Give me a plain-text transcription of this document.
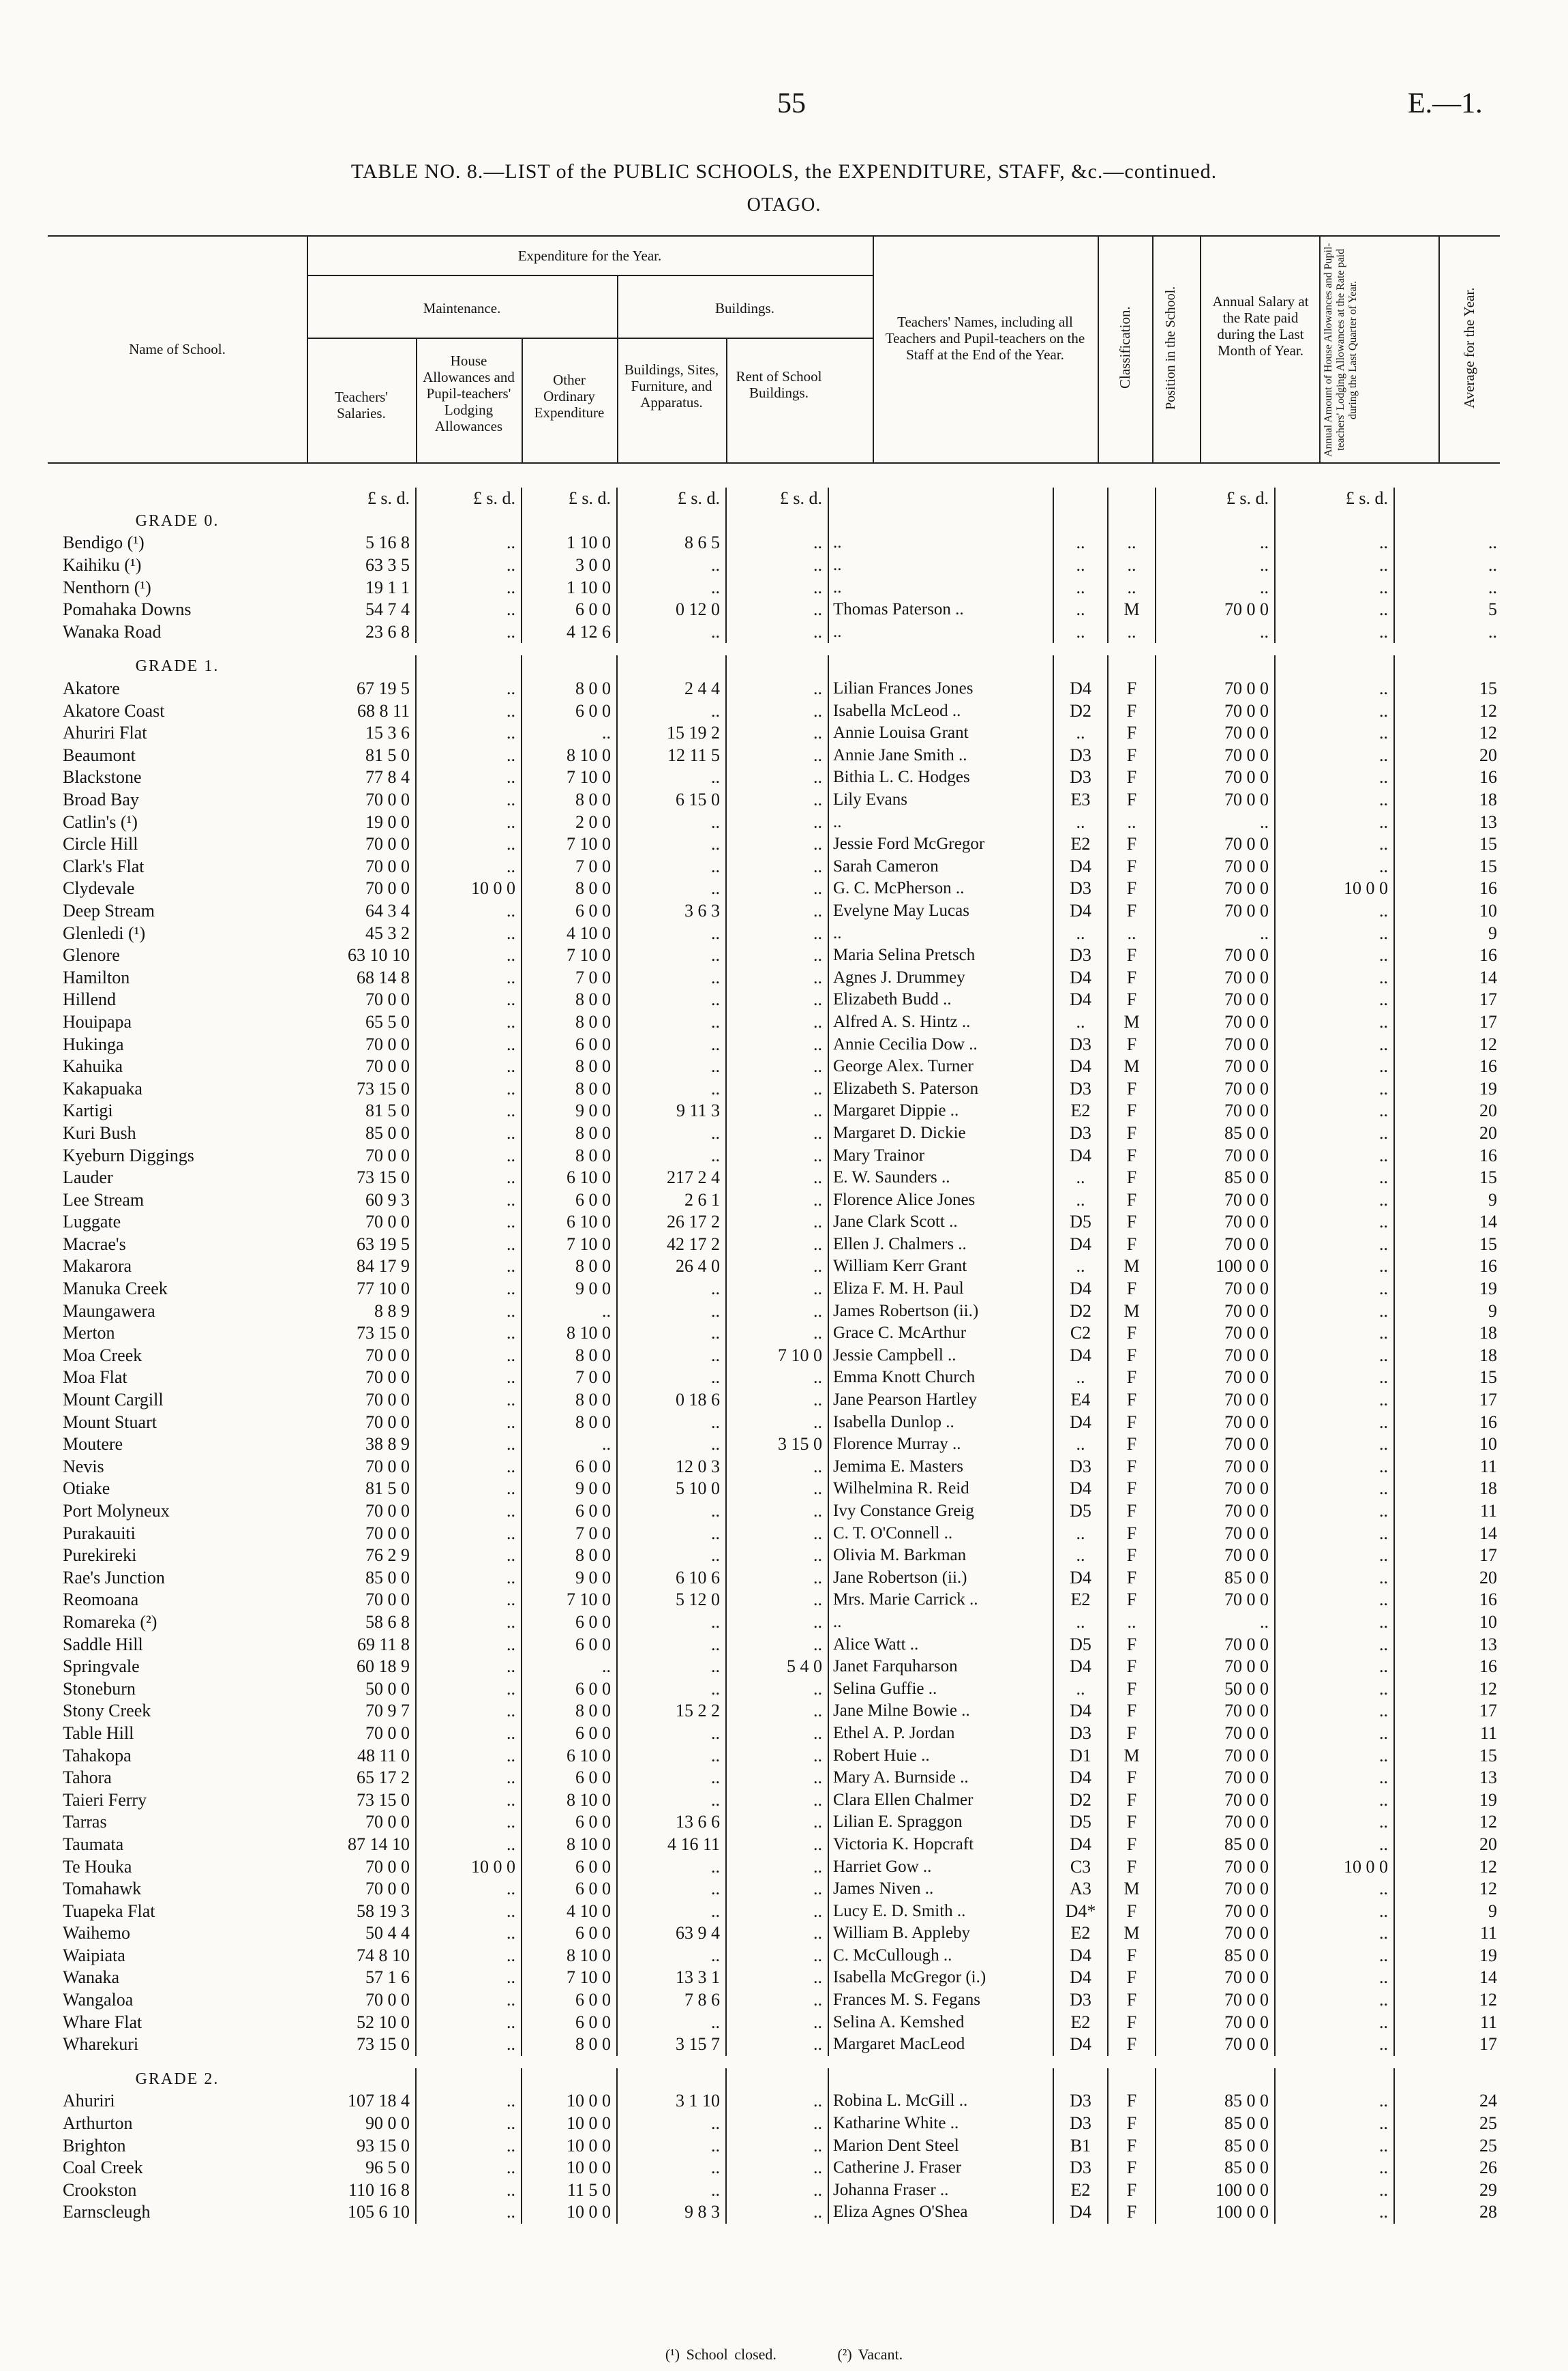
55	E.—1.
TABLE NO. 8.—LIST of the PUBLIC SCHOOLS, the EXPENDITURE, STAFF, &c.—continued.
OTAGO.
Name of School.
Expenditure for the Year.
Maintenance.	Buildings.
Teachers' Salaries.
House Allowances and Pupil-teachers' Lodging Allowances
Other Ordinary Expenditure
Buildings, Sites, Furniture, and Apparatus.
Rent of School Buildings.
Teachers' Names, including all Teachers and Pupil-teachers on the Staff at the End of the Year.	Classification. Position in the School.	Annual Salary at the Rate paid during the Last Month of Year.	Annual Amount of House Allowances and Pupil-teachers' Lodging Allowances at the Rate paid during the Last Quarter of Year.	Average for the Year.
	£ s. d.	£ s. d.	£ s. d.	£ s. d.	£ s. d.				£ s. d.	£ s. d.	
GRADE 0.											
Bendigo (¹)	5 16 8	..	1 10 0	8 6 5	..	..	..	..	..	..	..
Kaihiku (¹)	63 3 5	..	3 0 0	..	..	..	..	..	..	..	..
Nenthorn (¹)	19 1 1	..	1 10 0	..	..	..	..	..	..	..	..
Pomahaka Downs	54 7 4	..	6 0 0	0 12 0	..	Thomas Paterson ..	..	M	70 0 0	..	5
Wanaka Road	23 6 8	..	4 12 6	..	..	..	..	..	..	..	..

GRADE 1.											
Akatore	67 19 5	..	8 0 0	2 4 4	..	Lilian Frances Jones	D4	F	70 0 0	..	15
Akatore Coast	68 8 11	..	6 0 0	..	..	Isabella McLeod ..	D2	F	70 0 0	..	12
Ahuriri Flat	15 3 6	..	..	15 19 2	..	Annie Louisa Grant	..	F	70 0 0	..	12
Beaumont	81 5 0	..	8 10 0	12 11 5	..	Annie Jane Smith ..	D3	F	70 0 0	..	20
Blackstone	77 8 4	..	7 10 0	..	..	Bithia L. C. Hodges	D3	F	70 0 0	..	16
Broad Bay	70 0 0	..	8 0 0	6 15 0	..	Lily Evans	E3	F	70 0 0	..	18
Catlin's (¹)	19 0 0	..	2 0 0	..	..	..	..	..	..	..	13
Circle Hill	70 0 0	..	7 10 0	..	..	Jessie Ford McGregor	E2	F	70 0 0	..	15
Clark's Flat	70 0 0	..	7 0 0	..	..	Sarah Cameron	D4	F	70 0 0	..	15
Clydevale	70 0 0	10 0 0	8 0 0	..	..	G. C. McPherson ..	D3	F	70 0 0	10 0 0	16
Deep Stream	64 3 4	..	6 0 0	3 6 3	..	Evelyne May Lucas	D4	F	70 0 0	..	10
Glenledi (¹)	45 3 2	..	4 10 0	..	..	..	..	..	..	..	9
Glenore	63 10 10	..	7 10 0	..	..	Maria Selina Pretsch	D3	F	70 0 0	..	16
Hamilton	68 14 8	..	7 0 0	..	..	Agnes J. Drummey	D4	F	70 0 0	..	14
Hillend	70 0 0	..	8 0 0	..	..	Elizabeth Budd ..	D4	F	70 0 0	..	17
Houipapa	65 5 0	..	8 0 0	..	..	Alfred A. S. Hintz ..	..	M	70 0 0	..	17
Hukinga	70 0 0	..	6 0 0	..	..	Annie Cecilia Dow ..	D3	F	70 0 0	..	12
Kahuika	70 0 0	..	8 0 0	..	..	George Alex. Turner	D4	M	70 0 0	..	16
Kakapuaka	73 15 0	..	8 0 0	..	..	Elizabeth S. Paterson	D3	F	70 0 0	..	19
Kartigi	81 5 0	..	9 0 0	9 11 3	..	Margaret Dippie ..	E2	F	70 0 0	..	20
Kuri Bush	85 0 0	..	8 0 0	..	..	Margaret D. Dickie	D3	F	85 0 0	..	20
Kyeburn Diggings	70 0 0	..	8 0 0	..	..	Mary Trainor	D4	F	70 0 0	..	16
Lauder	73 15 0	..	6 10 0	217 2 4	..	E. W. Saunders ..	..	F	85 0 0	..	15
Lee Stream	60 9 3	..	6 0 0	2 6 1	..	Florence Alice Jones	..	F	70 0 0	..	9
Luggate	70 0 0	..	6 10 0	26 17 2	..	Jane Clark Scott ..	D5	F	70 0 0	..	14
Macrae's	63 19 5	..	7 10 0	42 17 2	..	Ellen J. Chalmers ..	D4	F	70 0 0	..	15
Makarora	84 17 9	..	8 0 0	26 4 0	..	William Kerr Grant	..	M	100 0 0	..	16
Manuka Creek	77 10 0	..	9 0 0	..	..	Eliza F. M. H. Paul	D4	F	70 0 0	..	19
Maungawera	8 8 9	..	..	..	..	James Robertson (ii.)	D2	M	70 0 0	..	9
Merton	73 15 0	..	8 10 0	..	..	Grace C. McArthur	C2	F	70 0 0	..	18
Moa Creek	70 0 0	..	8 0 0	..	7 10 0	Jessie Campbell ..	D4	F	70 0 0	..	18
Moa Flat	70 0 0	..	7 0 0	..	..	Emma Knott Church	..	F	70 0 0	..	15
Mount Cargill	70 0 0	..	8 0 0	0 18 6	..	Jane Pearson Hartley	E4	F	70 0 0	..	17
Mount Stuart	70 0 0	..	8 0 0	..	..	Isabella Dunlop ..	D4	F	70 0 0	..	16
Moutere	38 8 9	..	..	..	3 15 0	Florence Murray ..	..	F	70 0 0	..	10
Nevis	70 0 0	..	6 0 0	12 0 3	..	Jemima E. Masters	D3	F	70 0 0	..	11
Otiake	81 5 0	..	9 0 0	5 10 0	..	Wilhelmina R. Reid	D4	F	70 0 0	..	18
Port Molyneux	70 0 0	..	6 0 0	..	..	Ivy Constance Greig	D5	F	70 0 0	..	11
Purakauiti	70 0 0	..	7 0 0	..	..	C. T. O'Connell ..	..	F	70 0 0	..	14
Purekireki	76 2 9	..	8 0 0	..	..	Olivia M. Barkman	..	F	70 0 0	..	17
Rae's Junction	85 0 0	..	9 0 0	6 10 6	..	Jane Robertson (ii.)	D4	F	85 0 0	..	20
Reomoana	70 0 0	..	7 10 0	5 12 0	..	Mrs. Marie Carrick ..	E2	F	70 0 0	..	16
Romareka (²)	58 6 8	..	6 0 0	..	..	..	..	..	..	..	10
Saddle Hill	69 11 8	..	6 0 0	..	..	Alice Watt ..	D5	F	70 0 0	..	13
Springvale	60 18 9	..	..	..	5 4 0	Janet Farquharson	D4	F	70 0 0	..	16
Stoneburn	50 0 0	..	6 0 0	..	..	Selina Guffie ..	..	F	50 0 0	..	12
Stony Creek	70 9 7	..	8 0 0	15 2 2	..	Jane Milne Bowie ..	D4	F	70 0 0	..	17
Table Hill	70 0 0	..	6 0 0	..	..	Ethel A. P. Jordan	D3	F	70 0 0	..	11
Tahakopa	48 11 0	..	6 10 0	..	..	Robert Huie ..	D1	M	70 0 0	..	15
Tahora	65 17 2	..	6 0 0	..	..	Mary A. Burnside ..	D4	F	70 0 0	..	13
Taieri Ferry	73 15 0	..	8 10 0	..	..	Clara Ellen Chalmer	D2	F	70 0 0	..	19
Tarras	70 0 0	..	6 0 0	13 6 6	..	Lilian E. Spraggon	D5	F	70 0 0	..	12
Taumata	87 14 10	..	8 10 0	4 16 11	..	Victoria K. Hopcraft	D4	F	85 0 0	..	20
Te Houka	70 0 0	10 0 0	6 0 0	..	..	Harriet Gow ..	C3	F	70 0 0	10 0 0	12
Tomahawk	70 0 0	..	6 0 0	..	..	James Niven ..	A3	M	70 0 0	..	12
Tuapeka Flat	58 19 3	..	4 10 0	..	..	Lucy E. D. Smith ..	D4*	F	70 0 0	..	9
Waihemo	50 4 4	..	6 0 0	63 9 4	..	William B. Appleby	E2	M	70 0 0	..	11
Waipiata	74 8 10	..	8 10 0	..	..	C. McCullough ..	D4	F	85 0 0	..	19
Wanaka	57 1 6	..	7 10 0	13 3 1	..	Isabella McGregor (i.)	D4	F	70 0 0	..	14
Wangaloa	70 0 0	..	6 0 0	7 8 6	..	Frances M. S. Fegans	D3	F	70 0 0	..	12
Whare Flat	52 10 0	..	6 0 0	..	..	Selina A. Kemshed	E2	F	70 0 0	..	11
Wharekuri	73 15 0	..	8 0 0	3 15 7	..	Margaret MacLeod	D4	F	70 0 0	..	17

GRADE 2.											
Ahuriri	107 18 4	..	10 0 0	3 1 10	..	Robina L. McGill ..	D3	F	85 0 0	..	24
Arthurton	90 0 0	..	10 0 0	..	..	Katharine White ..	D3	F	85 0 0	..	25
Brighton	93 15 0	..	10 0 0	..	..	Marion Dent Steel	B1	F	85 0 0	..	25
Coal Creek	96 5 0	..	10 0 0	..	..	Catherine J. Fraser	D3	F	85 0 0	..	26
Crookston	110 16 8	..	11 5 0	..	..	Johanna Fraser ..	E2	F	100 0 0	..	29
Earnscleugh	105 6 10	..	10 0 0	9 8 3	..	Eliza Agnes O'Shea	D4	F	100 0 0	..	28
(¹) School closed.	(²) Vacant.
